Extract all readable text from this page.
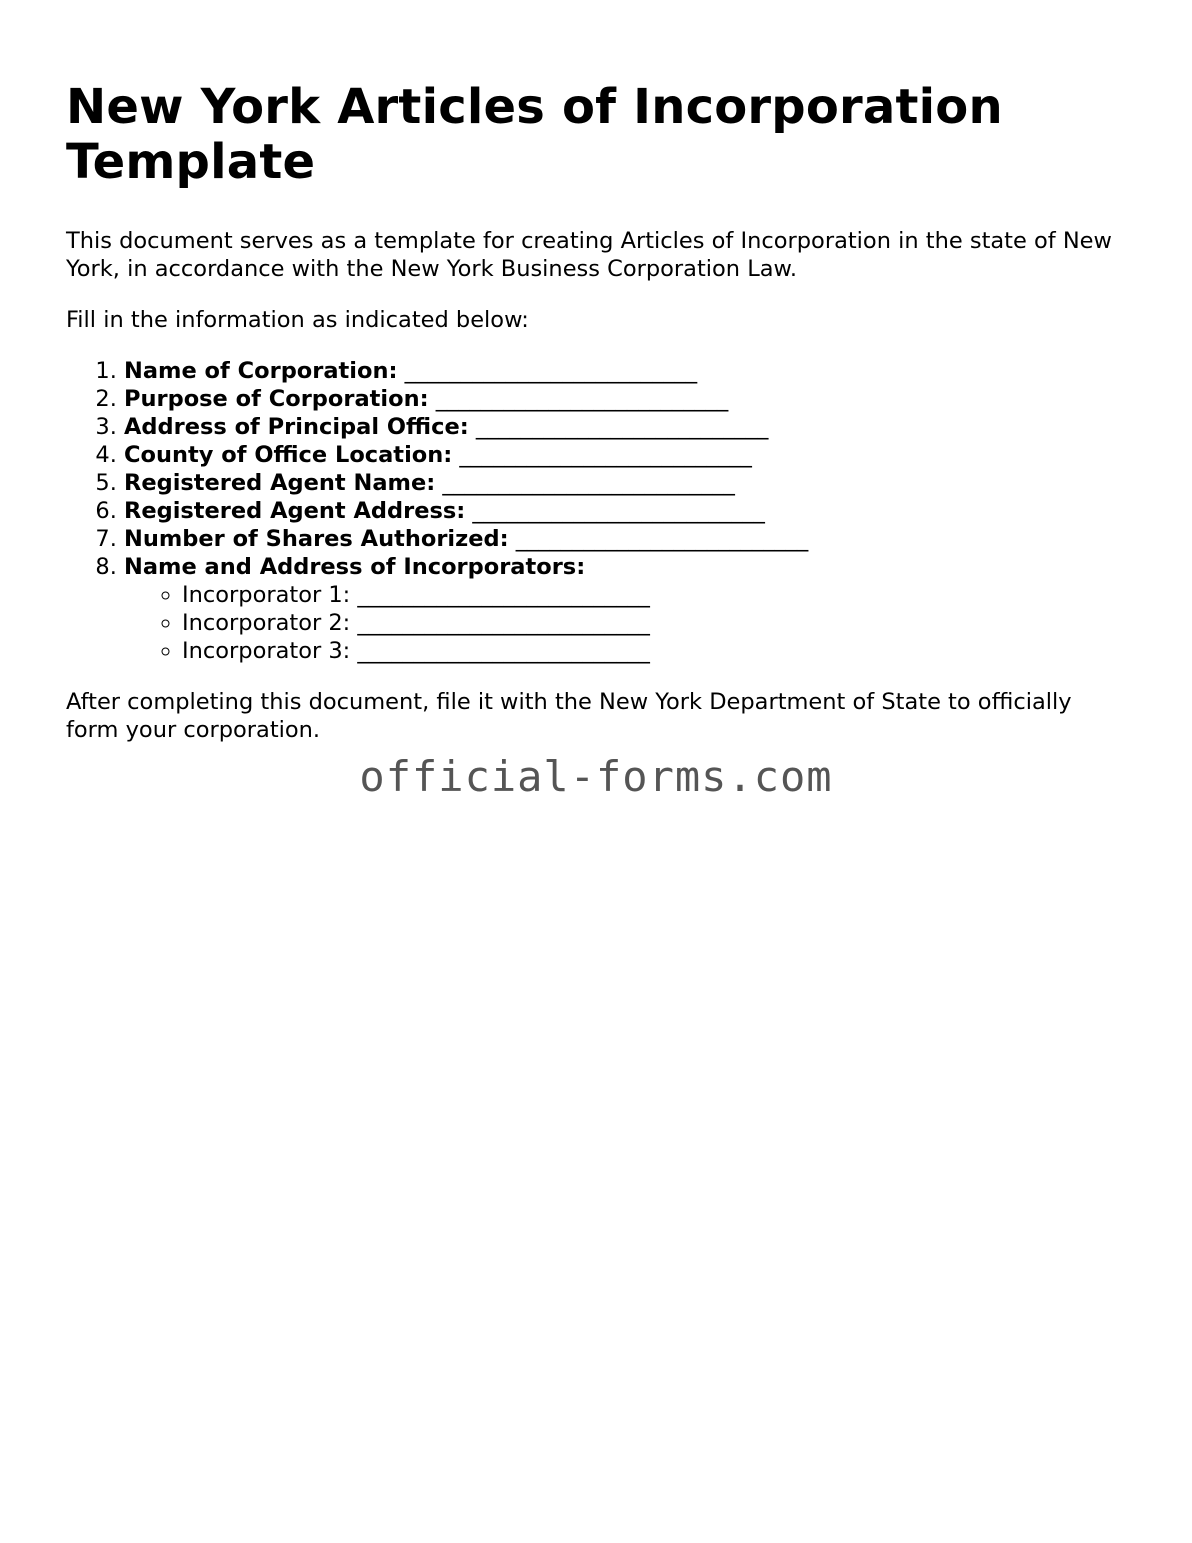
New York Articles of Incorporation Template

This document serves as a template for creating Articles of Incorporation in the state of New York, in accordance with the New York Business Corporation Law.

Fill in the information as indicated below:

1. Name of Corporation: __________________________
2. Purpose of Corporation: __________________________
3. Address of Principal Office: __________________________
4. County of Office Location: __________________________
5. Registered Agent Name: __________________________
6. Registered Agent Address: __________________________
7. Number of Shares Authorized: __________________________
8. Name and Address of Incorporators:
◦ Incorporator 1: __________________________
◦ Incorporator 2: __________________________
◦ Incorporator 3: __________________________

After completing this document, file it with the New York Department of State to officially form your corporation.

official-forms.com
